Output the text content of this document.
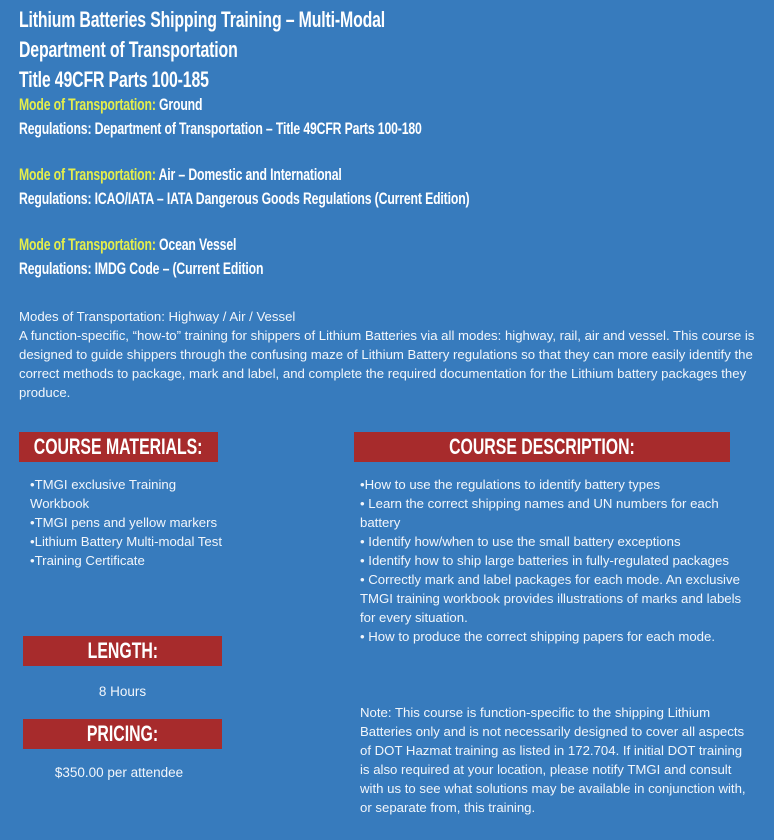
Lithium Batteries Shipping Training – Multi-Modal
Department of Transportation
Title 49CFR Parts 100-185
Mode of Transportation: Ground
Regulations: Department of Transportation – Title 49CFR Parts 100-180
Mode of Transportation: Air – Domestic and International
Regulations: ICAO/IATA – IATA Dangerous Goods Regulations (Current Edition)
Mode of Transportation: Ocean Vessel
Regulations: IMDG Code – (Current Edition

Modes of Transportation: Highway / Air / Vessel

A function-specific, “how-to” training for shippers of Lithium Batteries via all modes: highway, rail, air and vessel. This course is designed to guide shippers through the confusing maze of Lithium Battery regulations so that they can more easily identify the correct methods to package, mark and label, and complete the required documentation for the Lithium battery packages they produce.

COURSE MATERIALS:
•TMGI exclusive Training Workbook
•TMGI pens and yellow markers
•Lithium Battery Multi-modal Test
•Training Certificate
LENGTH:
8 Hours
PRICING:
$350.00 per attendee
COURSE DESCRIPTION:
•How to use the regulations to identify battery types
• Learn the correct shipping names and UN numbers for each battery
• Identify how/when to use the small battery exceptions
• Identify how to ship large batteries in fully-regulated packages
• Correctly mark and label packages for each mode. An exclusive TMGI training workbook provides illustrations of marks and labels for every situation.
• How to produce the correct shipping papers for each mode.

Note: This course is function-specific to the shipping Lithium Batteries only and is not necessarily designed to cover all aspects of DOT Hazmat training as listed in 172.704. If initial DOT training is also required at your location, please notify TMGI and consult with us to see what solutions may be available in conjunction with, or separate from, this training.
